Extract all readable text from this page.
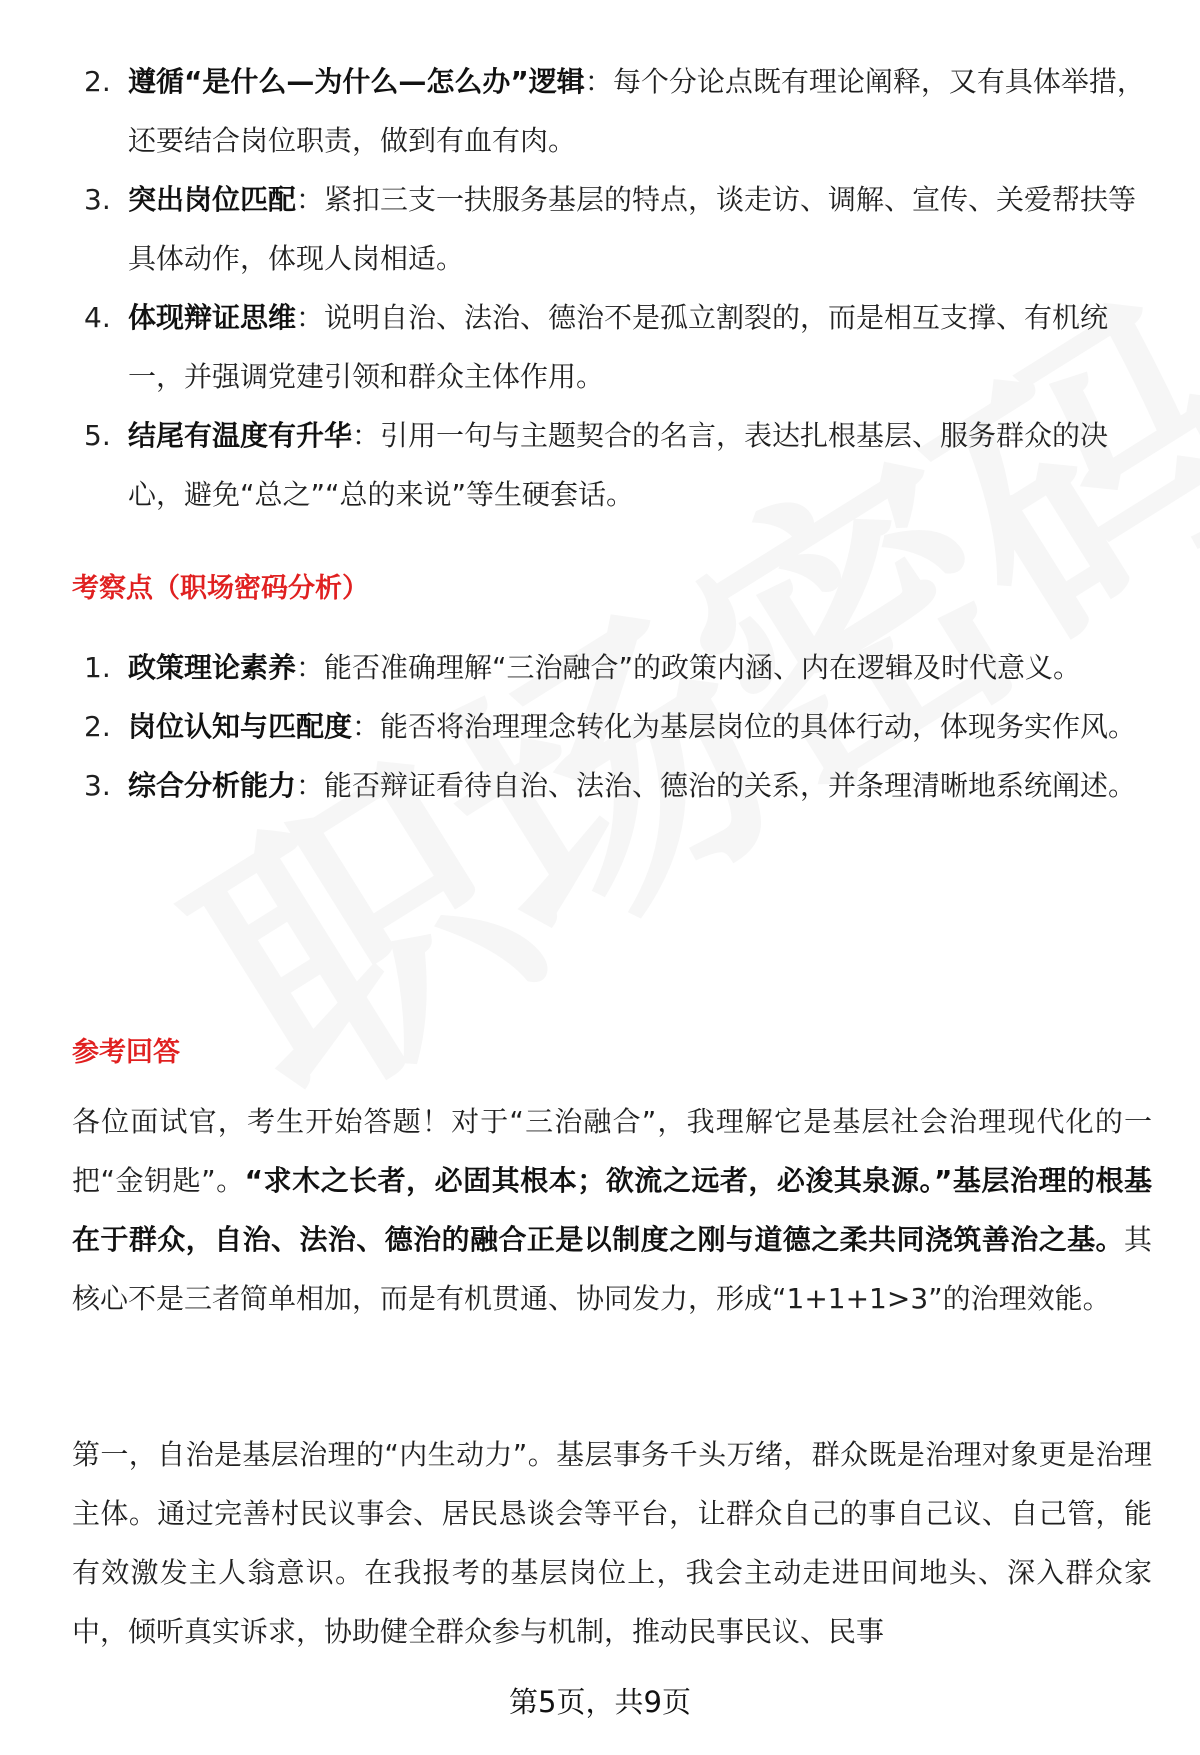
2. 遵循“是什么—为什么—怎么办”逻辑：每个分论点既有理论阐释，又有具体举措，还要结合岗位职责，做到有血有肉。
3. 突出岗位匹配：紧扣三支一扶服务基层的特点，谈走访、调解、宣传、关爱帮扶等具体动作，体现人岗相适。
4. 体现辩证思维：说明自治、法治、德治不是孤立割裂的，而是相互支撑、有机统一，并强调党建引领和群众主体作用。
5. 结尾有温度有升华：引用一句与主题契合的名言，表达扎根基层、服务群众的决心，避免“总之”“总的来说”等生硬套话。
考察点（职场密码分析）
1. 政策理论素养：能否准确理解“三治融合”的政策内涵、内在逻辑及时代意义。
2. 岗位认知与匹配度：能否将治理理念转化为基层岗位的具体行动，体现务实作风。
3. 综合分析能力：能否辩证看待自治、法治、德治的关系，并条理清晰地系统阐述。
参考回答

各位面试官，考生开始答题！对于“三治融合”，我理解它是基层社会治理现代化的一把“金钥匙”。“求木之长者，必固其根本；欲流之远者，必浚其泉源。”基层治理的根基在于群众，自治、法治、德治的融合正是以制度之刚与道德之柔共同浇筑善治之基。其核心不是三者简单相加，而是有机贯通、协同发力，形成“1+1+1>3”的治理效能。

第一，自治是基层治理的“内生动力”。基层事务千头万绪，群众既是治理对象更是治理主体。通过完善村民议事会、居民恳谈会等平台，让群众自己的事自己议、自己管，能有效激发主人翁意识。在我报考的基层岗位上，我会主动走进田间地头、深入群众家中，倾听真实诉求，协助健全群众参与机制，推动民事民议、民事

第5页，共9页
